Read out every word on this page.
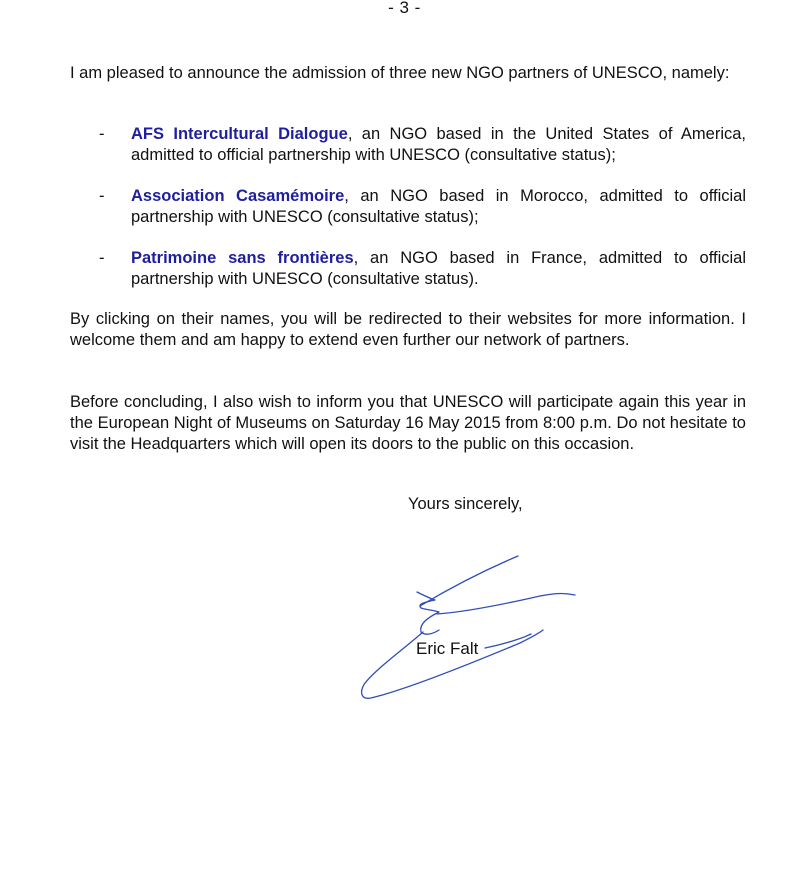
- 3 -

I am pleased to announce the admission of three new NGO partners of UNESCO, namely:

- AFS Intercultural Dialogue, an NGO based in the United States of America, admitted to official partnership with UNESCO (consultative status);
- Association Casamémoire, an NGO based in Morocco, admitted to official partnership with UNESCO (consultative status);
- Patrimoine sans frontières, an NGO based in France, admitted to official partnership with UNESCO (consultative status).

By clicking on their names, you will be redirected to their websites for more information. I welcome them and am happy to extend even further our network of partners.

Before concluding, I also wish to inform you that UNESCO will participate again this year in the European Night of Museums on Saturday 16 May 2015 from 8:00 p.m. Do not hesitate to visit the Headquarters which will open its doors to the public on this occasion.

Yours sincerely,
Eric Falt
